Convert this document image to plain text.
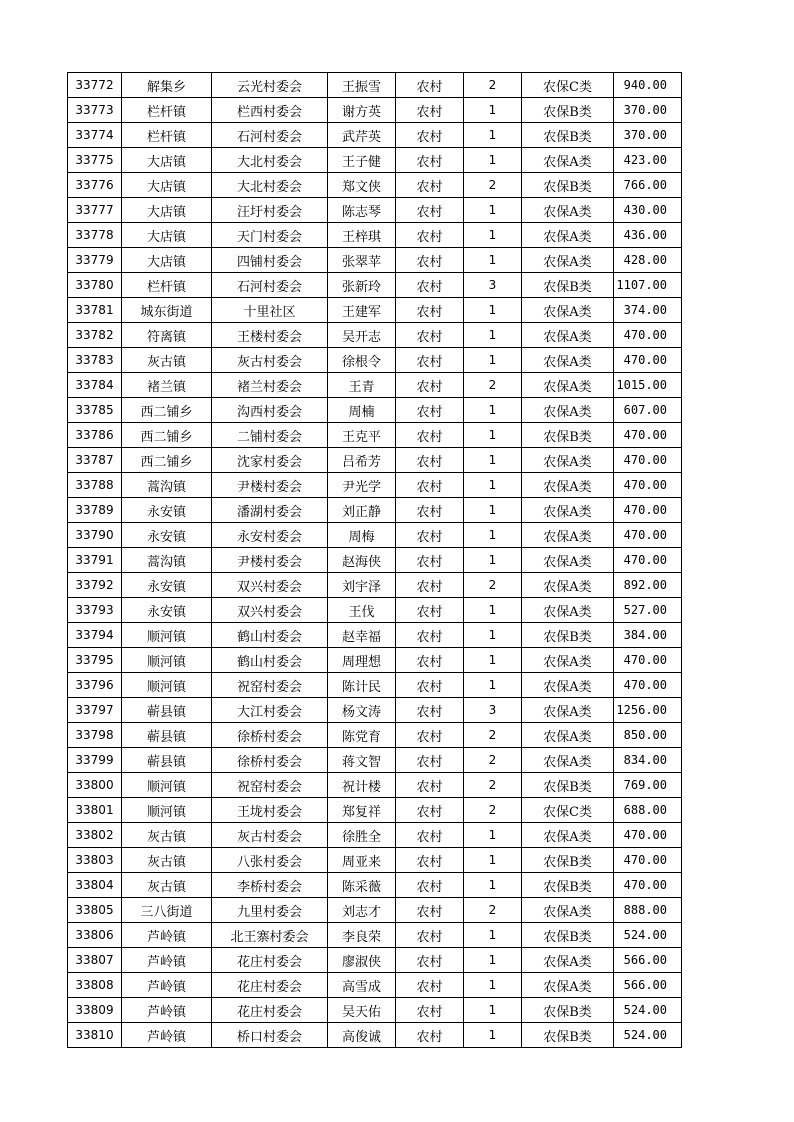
33772	解集乡	云光村委会	王振雪	农村	2	农保C类	940.00
33773	栏杆镇	栏西村委会	谢方英	农村	1	农保B类	370.00
33774	栏杆镇	石河村委会	武芹英	农村	1	农保B类	370.00
33775	大店镇	大北村委会	王子健	农村	1	农保A类	423.00
33776	大店镇	大北村委会	郑文侠	农村	2	农保B类	766.00
33777	大店镇	汪圩村委会	陈志琴	农村	1	农保A类	430.00
33778	大店镇	天门村委会	王梓琪	农村	1	农保A类	436.00
33779	大店镇	四铺村委会	张翠苹	农村	1	农保A类	428.00
33780	栏杆镇	石河村委会	张新玲	农村	3	农保B类	1107.00
33781	城东街道	十里社区	王建军	农村	1	农保A类	374.00
33782	符离镇	王楼村委会	吴开志	农村	1	农保A类	470.00
33783	灰古镇	灰古村委会	徐根令	农村	1	农保A类	470.00
33784	褚兰镇	褚兰村委会	王青	农村	2	农保A类	1015.00
33785	西二铺乡	沟西村委会	周楠	农村	1	农保A类	607.00
33786	西二铺乡	二铺村委会	王克平	农村	1	农保B类	470.00
33787	西二铺乡	沈家村委会	吕希芳	农村	1	农保A类	470.00
33788	蒿沟镇	尹楼村委会	尹光学	农村	1	农保A类	470.00
33789	永安镇	潘湖村委会	刘正静	农村	1	农保A类	470.00
33790	永安镇	永安村委会	周梅	农村	1	农保A类	470.00
33791	蒿沟镇	尹楼村委会	赵海侠	农村	1	农保A类	470.00
33792	永安镇	双兴村委会	刘宇泽	农村	2	农保A类	892.00
33793	永安镇	双兴村委会	王伐	农村	1	农保A类	527.00
33794	顺河镇	鹤山村委会	赵幸福	农村	1	农保B类	384.00
33795	顺河镇	鹤山村委会	周理想	农村	1	农保A类	470.00
33796	顺河镇	祝窑村委会	陈计民	农村	1	农保A类	470.00
33797	蕲县镇	大江村委会	杨文涛	农村	3	农保A类	1256.00
33798	蕲县镇	徐桥村委会	陈党育	农村	2	农保A类	850.00
33799	蕲县镇	徐桥村委会	蒋文智	农村	2	农保A类	834.00
33800	顺河镇	祝窑村委会	祝计楼	农村	2	农保B类	769.00
33801	顺河镇	王垅村委会	郑复祥	农村	2	农保C类	688.00
33802	灰古镇	灰古村委会	徐胜全	农村	1	农保A类	470.00
33803	灰古镇	八张村委会	周亚来	农村	1	农保B类	470.00
33804	灰古镇	李桥村委会	陈采薇	农村	1	农保B类	470.00
33805	三八街道	九里村委会	刘志才	农村	2	农保A类	888.00
33806	芦岭镇	北王寨村委会	李良荣	农村	1	农保B类	524.00
33807	芦岭镇	花庄村委会	廖淑侠	农村	1	农保A类	566.00
33808	芦岭镇	花庄村委会	高雪成	农村	1	农保A类	566.00
33809	芦岭镇	花庄村委会	吴天佑	农村	1	农保B类	524.00
33810	芦岭镇	桥口村委会	高俊诚	农村	1	农保B类	524.00
